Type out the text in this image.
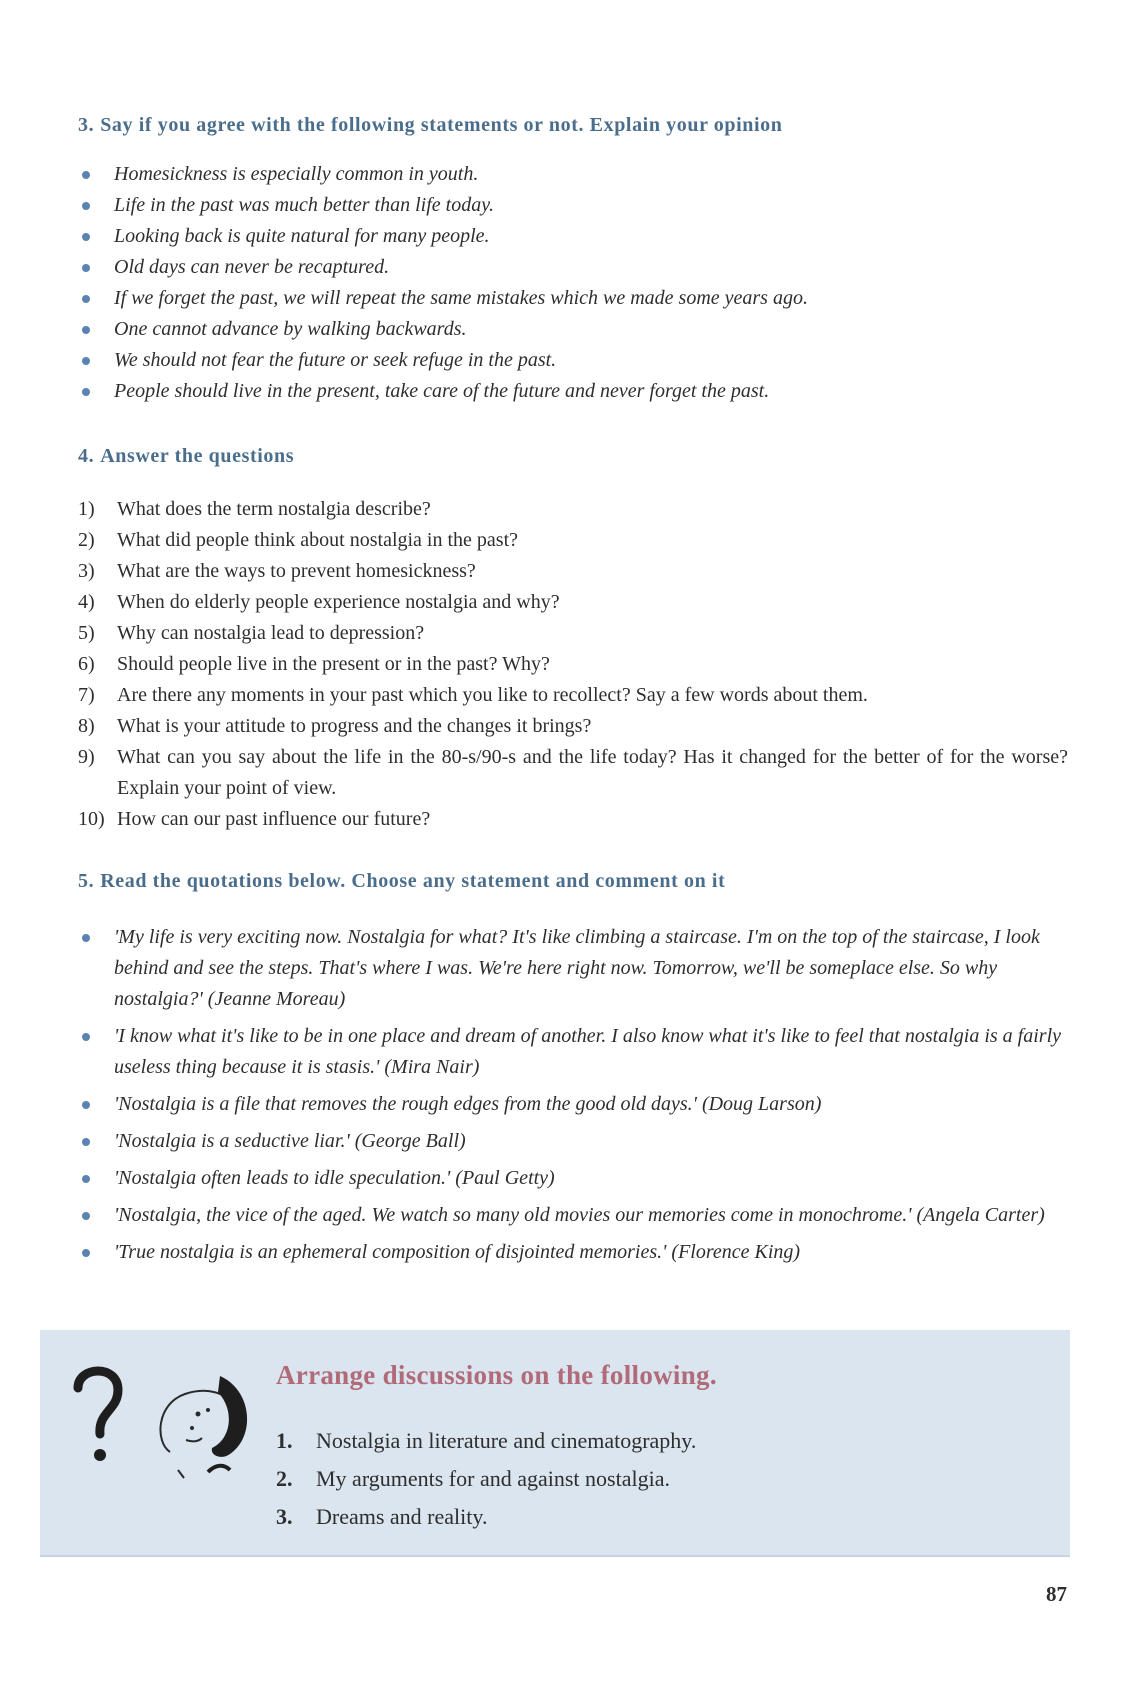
3. Say if you agree with the following statements or not. Explain your opinion
Homesickness is especially common in youth.
Life in the past was much better than life today.
Looking back is quite natural for many people.
Old days can never be recaptured.
If we forget the past, we will repeat the same mistakes which we made some years ago.
One cannot advance by walking backwards.
We should not fear the future or seek refuge in the past.
People should live in the present, take care of the future and never forget the past.
4. Answer the questions
1) What does the term nostalgia describe?
2) What did people think about nostalgia in the past?
3) What are the ways to prevent homesickness?
4) When do elderly people experience nostalgia and why?
5) Why can nostalgia lead to depression?
6) Should people live in the present or in the past? Why?
7) Are there any moments in your past which you like to recollect? Say a few words about them.
8) What is your attitude to progress and the changes it brings?
9) What can you say about the life in the 80-s/90-s and the life today? Has it changed for the better of for the worse? Explain your point of view.
10) How can our past influence our future?
5. Read the quotations below. Choose any statement and comment on it
'My life is very exciting now. Nostalgia for what? It's like climbing a staircase. I'm on the top of the staircase, I look behind and see the steps. That's where I was. We're here right now. Tomorrow, we'll be someplace else. So why nostalgia?' (Jeanne Moreau)
'I know what it's like to be in one place and dream of another. I also know what it's like to feel that nostalgia is a fairly useless thing because it is stasis.' (Mira Nair)
'Nostalgia is a file that removes the rough edges from the good old days.' (Doug Larson)
'Nostalgia is a seductive liar.' (George Ball)
'Nostalgia often leads to idle speculation.' (Paul Getty)
'Nostalgia, the vice of the aged. We watch so many old movies our memories come in monochrome.' (Angela Carter)
'True nostalgia is an ephemeral composition of disjointed memories.' (Florence King)
Arrange discussions on the following.
1. Nostalgia in literature and cinematography.
2. My arguments for and against nostalgia.
3. Dreams and reality.
87
